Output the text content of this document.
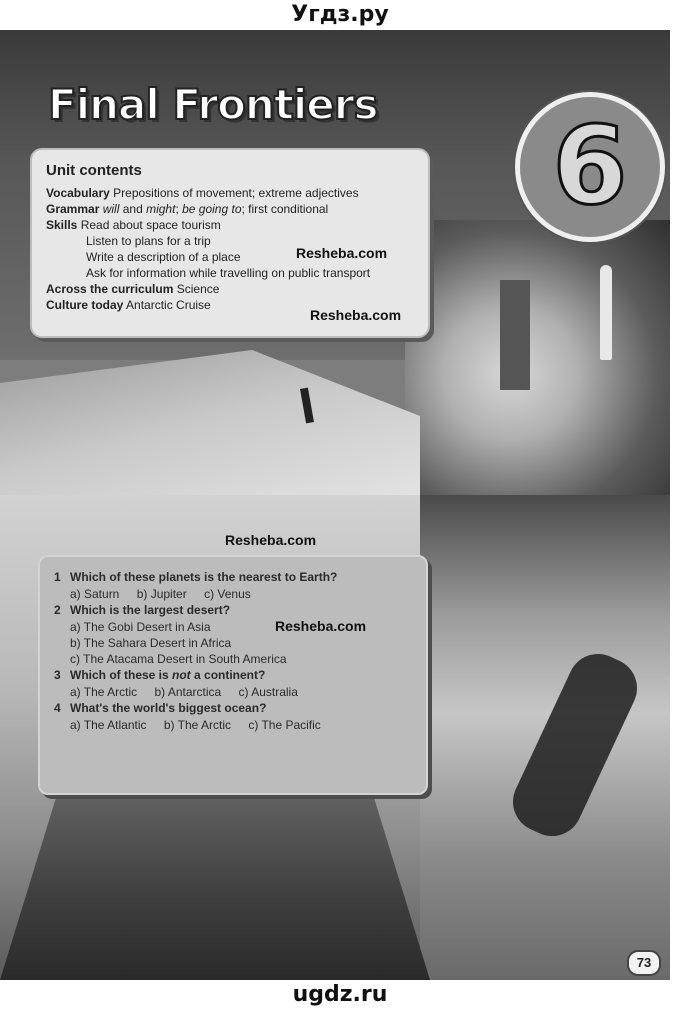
Угдз.ру
Final Frontiers 6
Unit contents
Vocabulary Prepositions of movement; extreme adjectives
Grammar will and might; be going to; first conditional
Skills Read about space tourism
Listen to plans for a trip
Write a description of a place
Ask for information while travelling on public transport
Across the curriculum Science
Culture today Antarctic Cruise
Resheba.com
Resheba.com
Resheba.com
1 Which of these planets is the nearest to Earth?
a) Saturn b) Jupiter c) Venus
2 Which is the largest desert?
a) The Gobi Desert in Asia
b) The Sahara Desert in Africa
c) The Atacama Desert in South America
3 Which of these is not a continent?
a) The Arctic b) Antarctica c) Australia
4 What's the world's biggest ocean?
a) The Atlantic b) The Arctic c) The Pacific
Resheba.com
73
ugdz.ru
